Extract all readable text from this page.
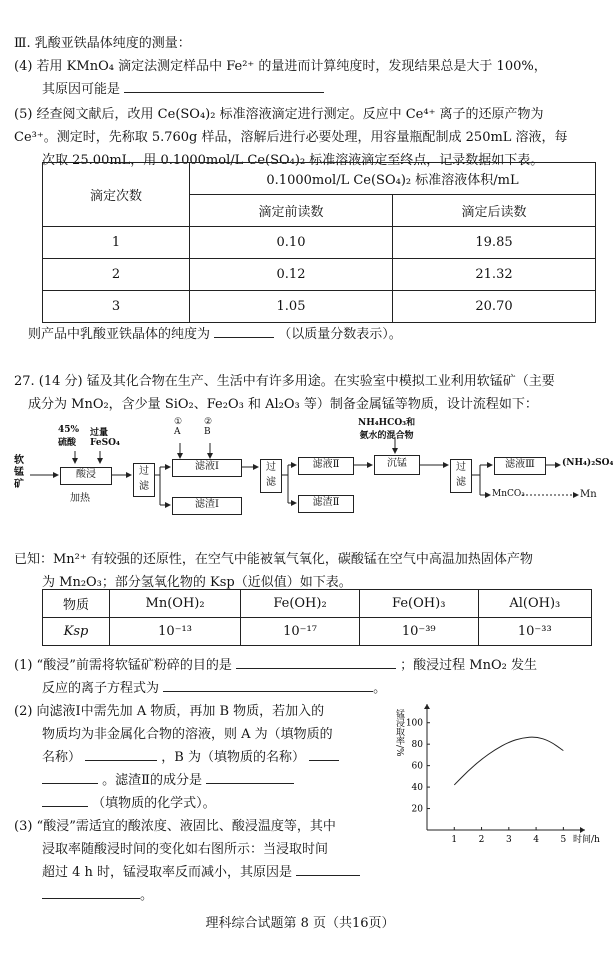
Ⅲ. 乳酸亚铁晶体纯度的测量：
(4) 若用 KMnO₄ 滴定法测定样品中 Fe²⁺ 的量进而计算纯度时，发现结果总是大于 100%，
其原因可能是
(5) 经查阅文献后，改用 Ce(SO₄)₂ 标准溶液滴定进行测定。反应中 Ce⁴⁺ 离子的还原产物为
Ce³⁺。测定时，先称取 5.760g 样品，溶解后进行必要处理，用容量瓶配制成 250mL 溶液，每
次取 25.00mL，用 0.1000mol/L Ce(SO₄)₂ 标准溶液滴定至终点，记录数据如下表。
滴定次数	0.1000mol/L Ce(SO₄)₂ 标准溶液体积/mL	
	滴定前读数	滴定后读数
1	0.10	19.85
2	0.12	21.32
3	1.05	20.70
则产品中乳酸亚铁晶体的纯度为	（以质量分数表示）。
27. (14 分) 锰及其化合物在生产、生活中有许多用途。在实验室中模拟工业利用软锰矿（主要
成分为 MnO₂，含少量 SiO₂、Fe₂O₃ 和 Al₂O₃ 等）制备金属锰等物质，设计流程如下：
45%
硫酸
过量
FeSO₄
①
A
②
B
NH₄HCO₃和
氨水的混合物
软
锰
矿
酸浸
加热
过
滤
滤液Ⅰ
滤渣Ⅰ
过
滤
滤液Ⅱ
滤渣Ⅱ
沉锰	过
滤
滤液Ⅲ	(NH₄)₂SO₄
MnCO₃	Mn
已知：Mn²⁺ 有较强的还原性，在空气中能被氧气氧化，碳酸锰在空气中高温加热固体产物
为 Mn₂O₃；部分氢氧化物的 Ksp（近似值）如下表。
物质	Mn(OH)₂	Fe(OH)₂	Fe(OH)₃	Al(OH)₃
Ksp	10⁻¹³	10⁻¹⁷	10⁻³⁹	10⁻³³
(1) “酸浸”前需将软锰矿粉碎的目的是	；酸浸过程 MnO₂ 发生
反应的离子方程式为	。
(2) 向滤液Ⅰ中需先加 A 物质，再加 B 物质，若加入的
物质均为非金属化合物的溶液，则 A 为（填物质的
名称）	，B 为（填物质的名称）
。滤渣Ⅱ的成分是
（填物质的化学式）。
(3) “酸浸”需适宜的酸浓度、液固比、酸浸温度等，其中
浸取率随酸浸时间的变化如右图所示：当浸取时间
超过 4 h 时，锰浸取率反而减小，其原因是
。
1 2 3 4 5
20
40
60
80
100
时间/h
锰浸取率/%
理科综合试题第 8 页（共16页）
